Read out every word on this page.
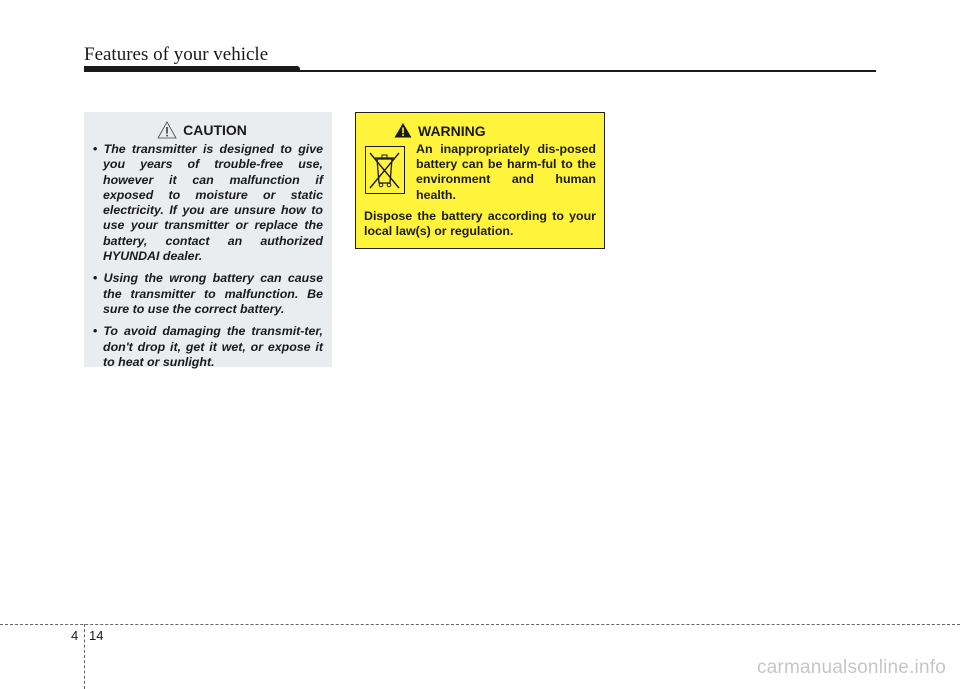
Features of your vehicle
CAUTION
• The transmitter is designed to give you years of trouble-free use, however it can malfunction if exposed to moisture or static electricity. If you are unsure how to use your transmitter or replace the battery, contact an authorized HYUNDAI dealer.
• Using the wrong battery can cause the transmitter to malfunction. Be sure to use the correct battery.
• To avoid damaging the transmit-ter, don't drop it, get it wet, or expose it to heat or sunlight.
WARNING
An inappropriately dis-posed battery can be harm-ful to the environment and human health.
Dispose the battery according to your local law(s) or regulation.
4 14
carmanualsonline.info
